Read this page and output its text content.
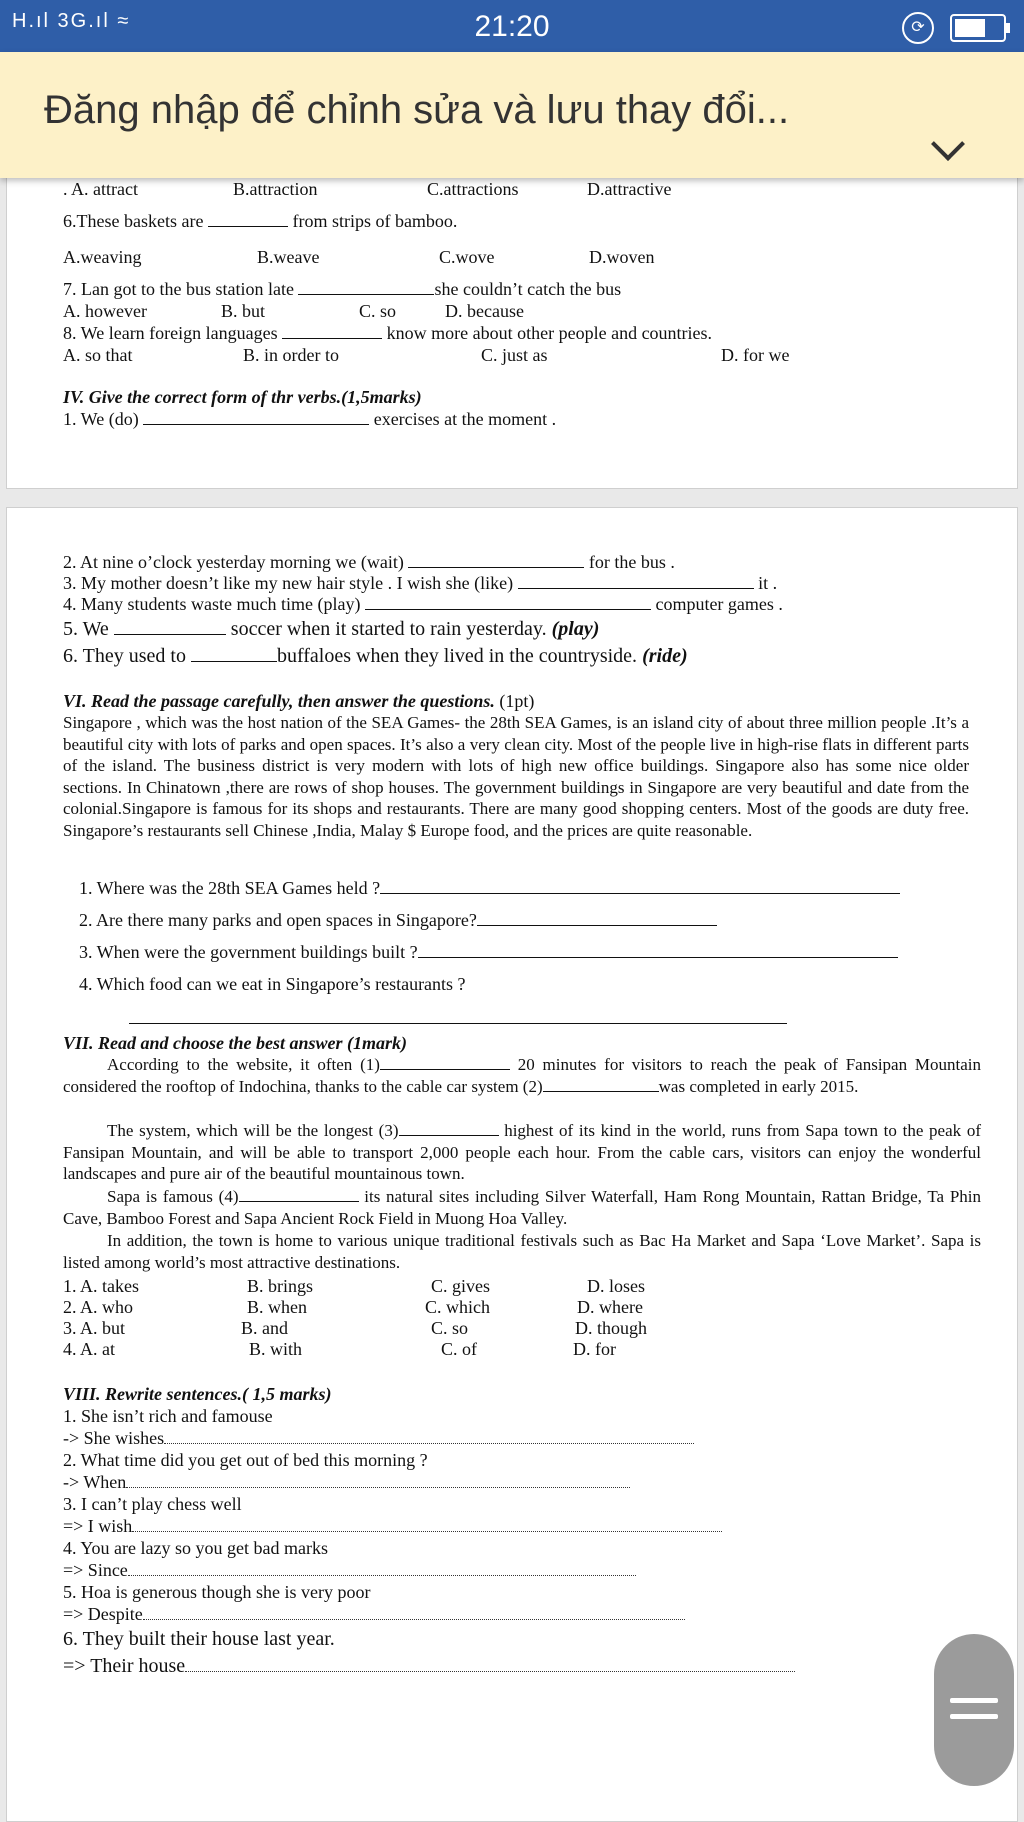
H.ıl 3G.ıl ≈	21:20	⟳
Đăng nhập để chỉnh sửa và lưu thay đổi...
. A. attract	B.attraction	C.attractions	D.attractive
6.These baskets are	from strips of bamboo.
A.weaving	B.weave	C.wove	D.woven
7. Lan got to the bus station late	she couldn’t catch the bus
A. however	B. but	C. so	D. because
8. We learn foreign languages	know more about other people and countries.
A. so that	B. in order to	C. just as	D. for we
IV. Give the correct form of thr verbs.(1,5marks)
1. We (do)	exercises at the moment .
2. At nine o’clock yesterday morning we (wait)	for the bus .
3. My mother doesn’t like my new hair style . I wish she (like)	it .
4. Many students waste much time (play)	computer games .
5. We	soccer when it started to rain yesterday. (play)
6. They used to	buffaloes when they lived in the countryside. (ride)
VI. Read the passage carefully, then answer the questions. (1pt)
Singapore , which was the host nation of the SEA Games- the 28th SEA Games, is an island city of about three million people .It’s a beautiful city with lots of parks and open spaces. It’s also a very clean city. Most of the people live in high-rise flats in different parts of the island. The business district is very modern with lots of high new office buildings. Singapore also has some nice older sections. In Chinatown ,there are rows of shop houses. The government buildings in Singapore are very beautiful and date from the colonial.Singapore is famous for its shops and restaurants. There are many good shopping centers. Most of the goods are duty free. Singapore’s restaurants sell Chinese ,India, Malay $ Europe food, and the prices are quite reasonable.
1. Where was the 28th SEA Games held ?
2. Are there many parks and open spaces in Singapore?
3. When were the government buildings built ?
4. Which food can we eat in Singapore’s restaurants ?
VII. Read and choose the best answer (1mark)
According to the website, it often (1)	20 minutes for visitors to reach the peak of Fansipan Mountain considered the rooftop of Indochina, thanks to the cable car system (2)	was completed in early 2015.
The system, which will be the longest (3)	highest of its kind in the world, runs from Sapa town to the peak of Fansipan Mountain, and will be able to transport 2,000 people each hour. From the cable cars, visitors can enjoy the wonderful landscapes and pure air of the beautiful mountainous town.
Sapa is famous (4)	its natural sites including Silver Waterfall, Ham Rong Mountain, Rattan Bridge, Ta Phin Cave, Bamboo Forest and Sapa Ancient Rock Field in Muong Hoa Valley.
In addition, the town is home to various unique traditional festivals such as Bac Ha Market and Sapa ‘Love Market’. Sapa is listed among world’s most attractive destinations.
1. A. takes	B. brings	C. gives	D. loses
2. A. who	B. when	C. which	D. where
3. A. but	B. and	C. so	D. though
4. A. at	B. with	C. of	D. for
VIII. Rewrite sentences.( 1,5 marks)
1. She isn’t rich and famouse
-> She wishes
2. What time did you get out of bed this morning ?
-> When
3. I can’t play chess well
=> I wish
4. You are lazy so you get bad marks
=> Since
5. Hoa is generous though she is very poor
=> Despite
6. They built their house last year.
=> Their house
